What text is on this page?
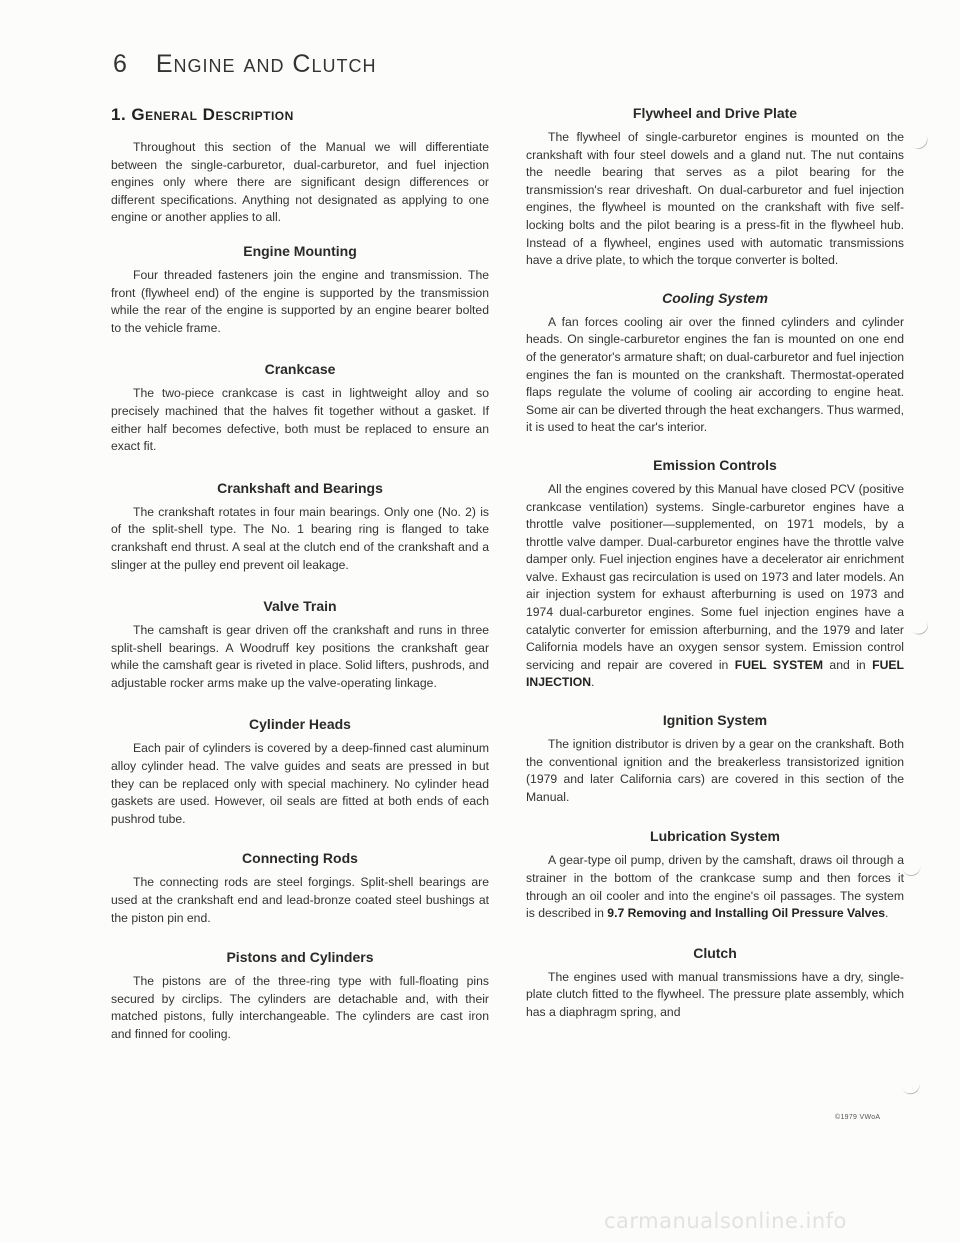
6 Engine and Clutch
1. General Description

Throughout this section of the Manual we will differentiate between the single-carburetor, dual-carburetor, and fuel injection engines only where there are significant design differences or different specifications. Anything not designated as applying to one engine or another applies to all.

Engine Mounting

Four threaded fasteners join the engine and transmission. The front (flywheel end) of the engine is supported by the transmission while the rear of the engine is supported by an engine bearer bolted to the vehicle frame.

Crankcase

The two-piece crankcase is cast in lightweight alloy and so precisely machined that the halves fit together without a gasket. If either half becomes defective, both must be replaced to ensure an exact fit.

Crankshaft and Bearings

The crankshaft rotates in four main bearings. Only one (No. 2) is of the split-shell type. The No. 1 bearing ring is flanged to take crankshaft end thrust. A seal at the clutch end of the crankshaft and a slinger at the pulley end prevent oil leakage.

Valve Train

The camshaft is gear driven off the crankshaft and runs in three split-shell bearings. A Woodruff key positions the crankshaft gear while the camshaft gear is riveted in place. Solid lifters, pushrods, and adjustable rocker arms make up the valve-operating linkage.

Cylinder Heads

Each pair of cylinders is covered by a deep-finned cast aluminum alloy cylinder head. The valve guides and seats are pressed in but they can be replaced only with special machinery. No cylinder head gaskets are used. However, oil seals are fitted at both ends of each pushrod tube.

Connecting Rods

The connecting rods are steel forgings. Split-shell bearings are used at the crankshaft end and lead-bronze coated steel bushings at the piston pin end.

Pistons and Cylinders

The pistons are of the three-ring type with full-floating pins secured by circlips. The cylinders are detachable and, with their matched pistons, fully interchangeable. The cylinders are cast iron and finned for cooling.

Flywheel and Drive Plate

The flywheel of single-carburetor engines is mounted on the crankshaft with four steel dowels and a gland nut. The nut contains the needle bearing that serves as a pilot bearing for the transmission's rear driveshaft. On dual-carburetor and fuel injection engines, the flywheel is mounted on the crankshaft with five self-locking bolts and the pilot bearing is a press-fit in the flywheel hub. Instead of a flywheel, engines used with automatic transmissions have a drive plate, to which the torque converter is bolted.

Cooling System

A fan forces cooling air over the finned cylinders and cylinder heads. On single-carburetor engines the fan is mounted on one end of the generator's armature shaft; on dual-carburetor and fuel injection engines the fan is mounted on the crankshaft. Thermostat-operated flaps regulate the volume of cooling air according to engine heat. Some air can be diverted through the heat exchangers. Thus warmed, it is used to heat the car's interior.

Emission Controls

All the engines covered by this Manual have closed PCV (positive crankcase ventilation) systems. Single-carburetor engines have a throttle valve positioner—supplemented, on 1971 models, by a throttle valve damper. Dual-carburetor engines have the throttle valve damper only. Fuel injection engines have a decelerator air enrichment valve. Exhaust gas recirculation is used on 1973 and later models. An air injection system for exhaust afterburning is used on 1973 and 1974 dual-carburetor engines. Some fuel injection engines have a catalytic converter for emission afterburning, and the 1979 and later California models have an oxygen sensor system. Emission control servicing and repair are covered in FUEL SYSTEM and in FUEL INJECTION.

Ignition System

The ignition distributor is driven by a gear on the crankshaft. Both the conventional ignition and the breakerless transistorized ignition (1979 and later California cars) are covered in this section of the Manual.

Lubrication System

A gear-type oil pump, driven by the camshaft, draws oil through a strainer in the bottom of the crankcase sump and then forces it through an oil cooler and into the engine's oil passages. The system is described in 9.7 Removing and Installing Oil Pressure Valves.

Clutch

The engines used with manual transmissions have a dry, single-plate clutch fitted to the flywheel. The pressure plate assembly, which has a diaphragm spring, and

©1979 VWoA
carmanualsonline.info
